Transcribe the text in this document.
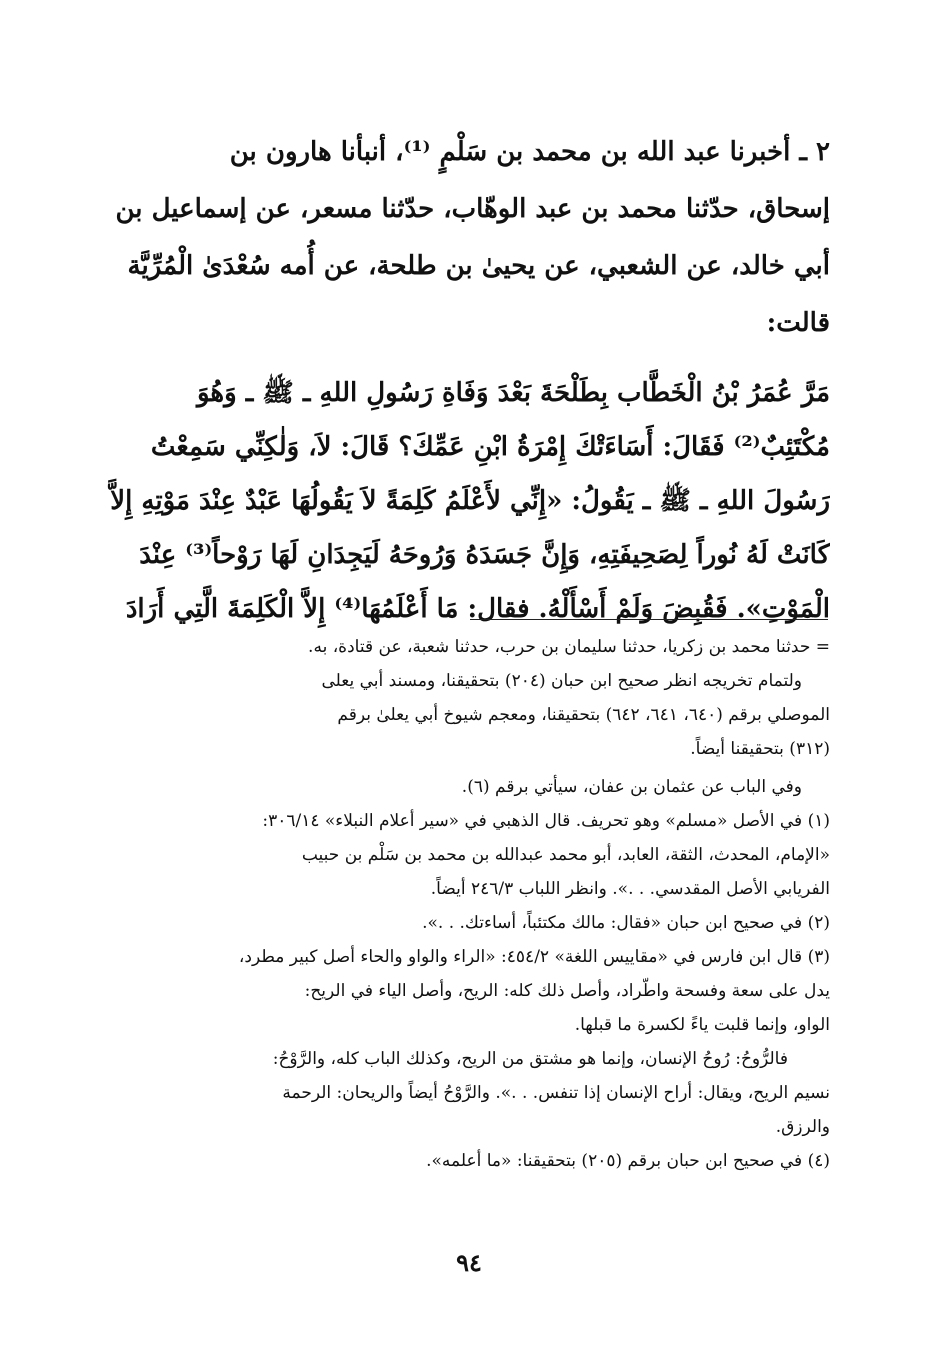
٢ ـ أخبرنا عبد الله بن محمد بن سَلْمٍ ⁽¹⁾، أنبأنا هارون بن
إسحاق، حدّثنا محمد بن عبد الوهّاب، حدّثنا مسعر، عن إسماعيل بن
أبي خالد، عن الشعبي، عن يحيىٰ بن طلحة، عن أُمه سُعْدَىٰ الْمُرِّيَّة
قالت:
مَرَّ عُمَرُ بْنُ الْخَطَّاب بِطَلْحَةَ بَعْدَ وَفَاةِ رَسُولِ اللهِ ـ ﷺ ـ وَهُوَ
مُكْتَئِبٌ⁽²⁾ فَقَالَ: أَسَاءَتْكَ إِمْرَةُ ابْنِ عَمِّكَ؟ قَالَ: لاَ، وَلٰكِنِّي سَمِعْتُ
رَسُولَ اللهِ ـ ﷺ ـ يَقُولُ: «إِنِّي لأَعْلَمُ كَلِمَةً لاَ يَقُولُهَا عَبْدٌ عِنْدَ مَوْتِهِ إِلاَّ
كَانَتْ لَهُ نُوراً لِصَحِيفَتِهِ، وَإِنَّ جَسَدَهُ وَرُوحَهُ لَيَجِدَانِ لَهَا رَوْحاً⁽³⁾ عِنْدَ
الْمَوْتِ». فَقُبِضَ وَلَمْ أَسْأَلْهُ. فقال: مَا أَعْلَمُهَا⁽⁴⁾ إِلاَّ الْكَلِمَةَ الَّتِي أَرَادَ
= حدثنا محمد بن زكريا، حدثنا سليمان بن حرب، حدثنا شعبة، عن قتادة، به.
ولتمام تخريجه انظر صحيح ابن حبان (٢٠٤) بتحقيقنا، ومسند أبي يعلى
الموصلي برقم (٦٤٠، ٦٤١، ٦٤٢) بتحقيقنا، ومعجم شيوخ أبي يعلىٰ برقم
(٣١٢) بتحقيقنا أيضاً.
وفي الباب عن عثمان بن عفان، سيأتي برقم (٦).
(١) في الأصل «مسلم» وهو تحريف. قال الذهبي في «سير أعلام النبلاء» ٣٠٦/١٤:
«الإمام، المحدث، الثقة، العابد، أبو محمد عبدالله بن محمد بن سَلْم بن حبيب
الفريابي الأصل المقدسي. . .». وانظر اللباب ٢٤٦/٣ أيضاً.
(٢) في صحيح ابن حبان «فقال: مالك مكتئباً، أساءتك. . .».
(٣) قال ابن فارس في «مقاييس اللغة» ٤٥٤/٢: «الراء والواو والحاء أصل كبير مطرد،
يدل على سعة وفسحة واطّراد، وأصل ذلك كله: الريح، وأصل الياء في الريح:
الواو، وإنما قلبت ياءً لكسرة ما قبلها.
فالرُّوحُ: رُوحُ الإنسان، وإنما هو مشتق من الريح، وكذلك الباب كله، والرَّوْحُ:
نسيم الريح، ويقال: أراح الإنسان إذا تنفس. . .». والرَّوْحُ أيضاً والريحان: الرحمة
والرزق.
(٤) في صحيح ابن حبان برقم (٢٠٥) بتحقيقنا: «ما أعلمه».
٩٤
